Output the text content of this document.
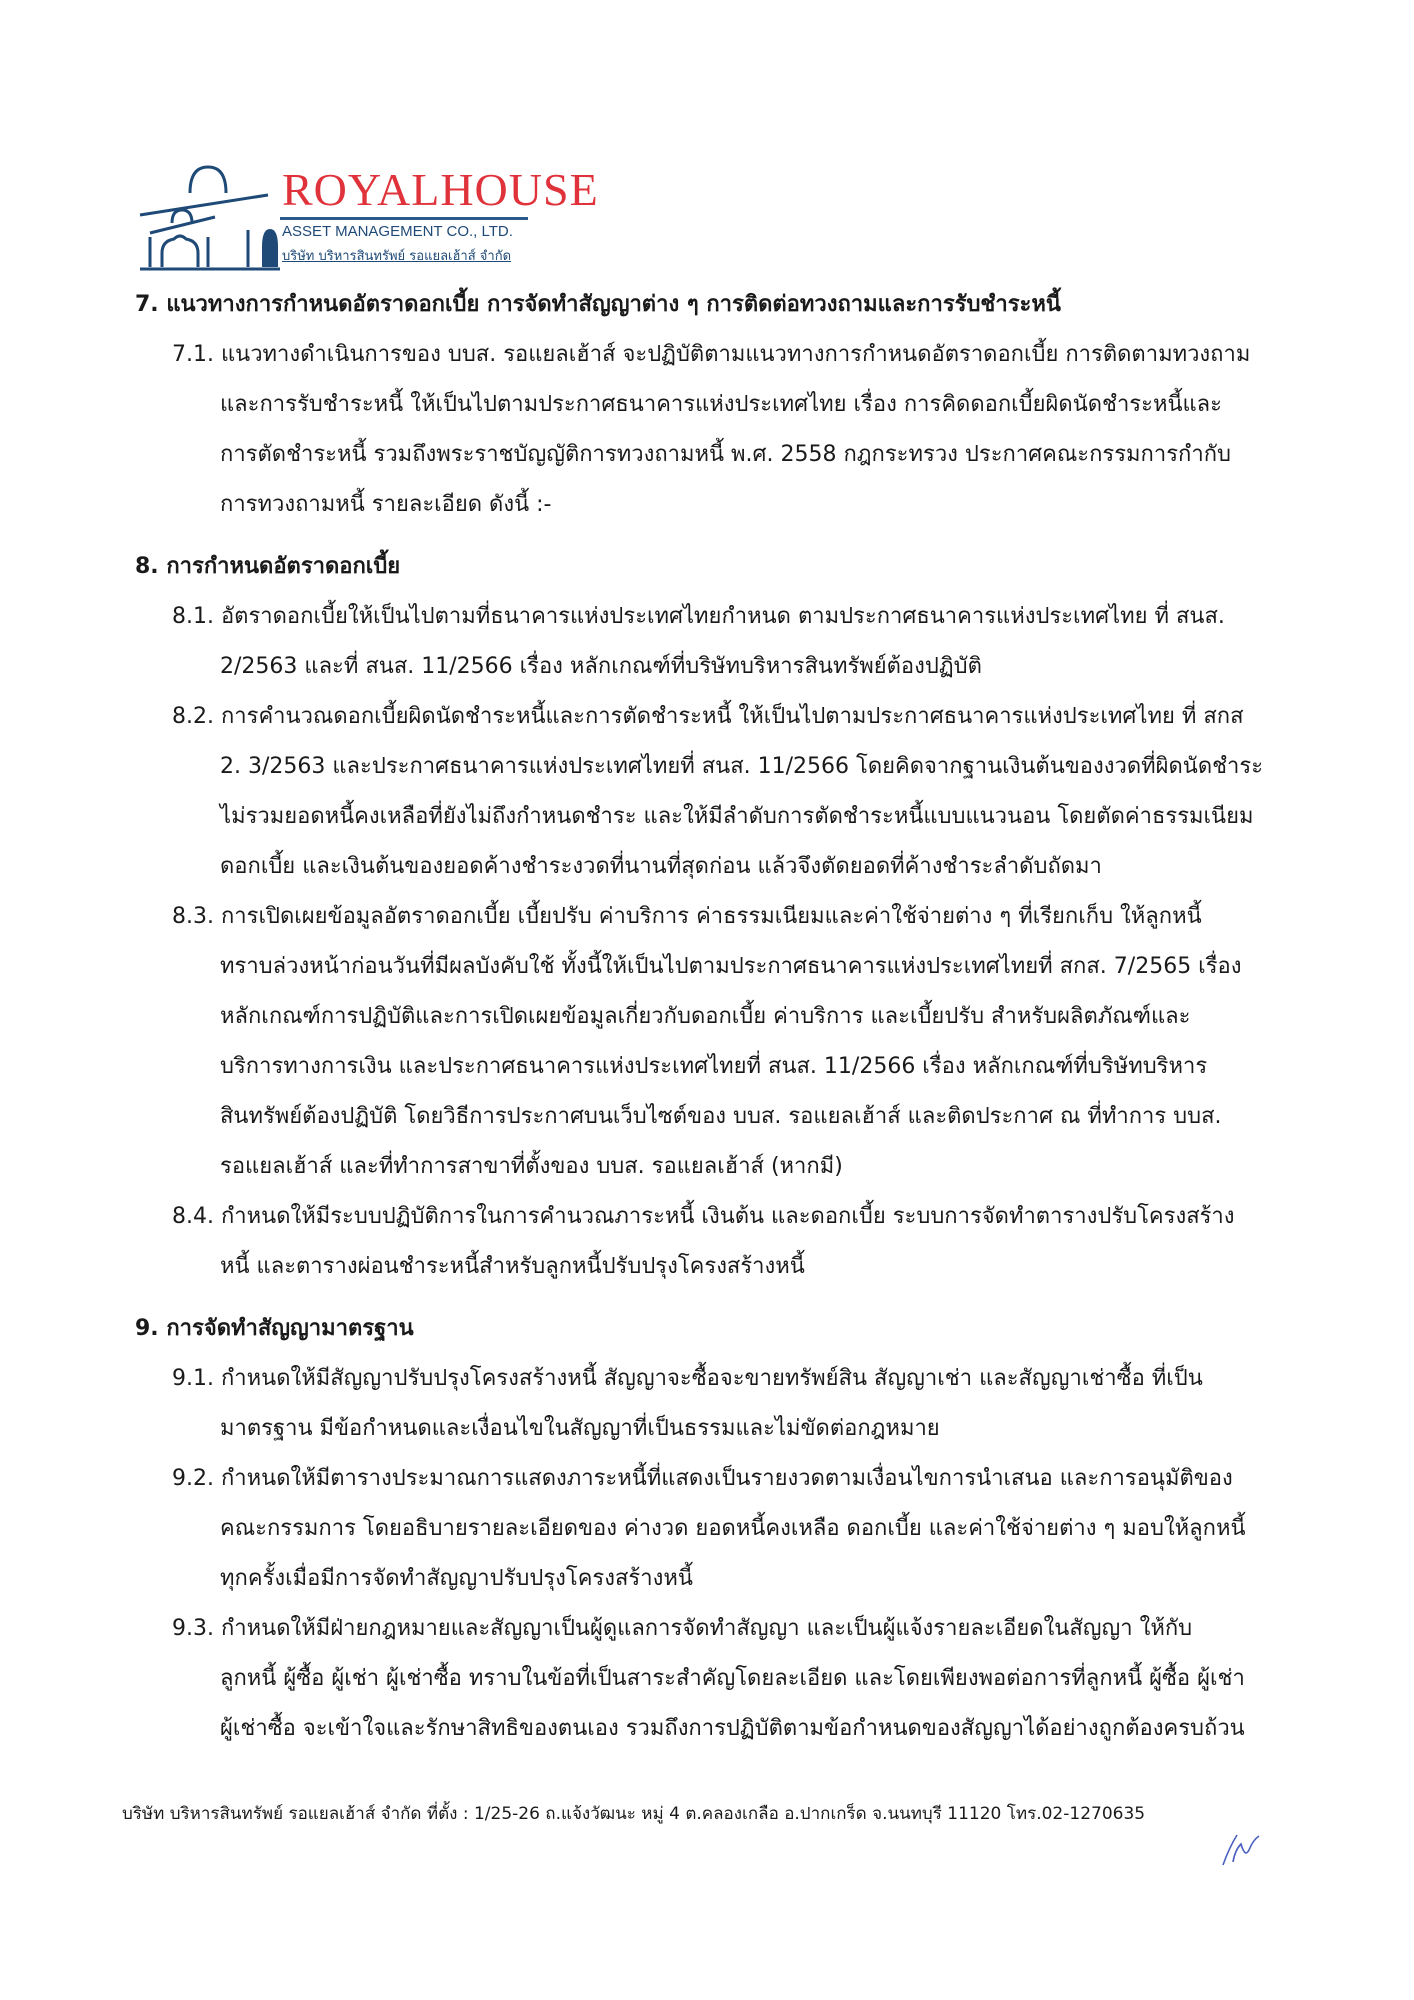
ROYALHOUSE
ASSET MANAGEMENT CO., LTD.
บริษัท บริหารสินทรัพย์ รอแยลเฮ้าส์ จำกัด
7. แนวทางการกำหนดอัตราดอกเบี้ย การจัดทำสัญญาต่าง ๆ การติดต่อทวงถามและการรับชำระหนี้
7.1. แนวทางดำเนินการของ บบส. รอแยลเฮ้าส์ จะปฏิบัติตามแนวทางการกำหนดอัตราดอกเบี้ย การติดตามทวงถาม
และการรับชำระหนี้ ให้เป็นไปตามประกาศธนาคารแห่งประเทศไทย เรื่อง การคิดดอกเบี้ยผิดนัดชำระหนี้และ
การตัดชำระหนี้ รวมถึงพระราชบัญญัติการทวงถามหนี้ พ.ศ. 2558 กฎกระทรวง ประกาศคณะกรรมการกำกับ
การทวงถามหนี้ รายละเอียด ดังนี้ :-
8. การกำหนดอัตราดอกเบี้ย
8.1. อัตราดอกเบี้ยให้เป็นไปตามที่ธนาคารแห่งประเทศไทยกำหนด ตามประกาศธนาคารแห่งประเทศไทย ที่ สนส.
2/2563 และที่ สนส. 11/2566 เรื่อง หลักเกณฑ์ที่บริษัทบริหารสินทรัพย์ต้องปฏิบัติ
8.2. การคำนวณดอกเบี้ยผิดนัดชำระหนี้และการตัดชำระหนี้ ให้เป็นไปตามประกาศธนาคารแห่งประเทศไทย ที่ สกส
2. 3/2563 และประกาศธนาคารแห่งประเทศไทยที่ สนส. 11/2566 โดยคิดจากฐานเงินต้นของงวดที่ผิดนัดชำระ
ไม่รวมยอดหนี้คงเหลือที่ยังไม่ถึงกำหนดชำระ และให้มีลำดับการตัดชำระหนี้แบบแนวนอน โดยตัดค่าธรรมเนียม
ดอกเบี้ย และเงินต้นของยอดค้างชำระงวดที่นานที่สุดก่อน แล้วจึงตัดยอดที่ค้างชำระลำดับถัดมา
8.3. การเปิดเผยข้อมูลอัตราดอกเบี้ย เบี้ยปรับ ค่าบริการ ค่าธรรมเนียมและค่าใช้จ่ายต่าง ๆ ที่เรียกเก็บ ให้ลูกหนี้
ทราบล่วงหน้าก่อนวันที่มีผลบังคับใช้ ทั้งนี้ให้เป็นไปตามประกาศธนาคารแห่งประเทศไทยที่ สกส. 7/2565 เรื่อง
หลักเกณฑ์การปฏิบัติและการเปิดเผยข้อมูลเกี่ยวกับดอกเบี้ย ค่าบริการ และเบี้ยปรับ สำหรับผลิตภัณฑ์และ
บริการทางการเงิน และประกาศธนาคารแห่งประเทศไทยที่ สนส. 11/2566 เรื่อง หลักเกณฑ์ที่บริษัทบริหาร
สินทรัพย์ต้องปฏิบัติ โดยวิธีการประกาศบนเว็บไซต์ของ บบส. รอแยลเฮ้าส์ และติดประกาศ ณ ที่ทำการ บบส.
รอแยลเฮ้าส์ และที่ทำการสาขาที่ตั้งของ บบส. รอแยลเฮ้าส์ (หากมี)
8.4. กำหนดให้มีระบบปฏิบัติการในการคำนวณภาระหนี้ เงินต้น และดอกเบี้ย ระบบการจัดทำตารางปรับโครงสร้าง
หนี้ และตารางผ่อนชำระหนี้สำหรับลูกหนี้ปรับปรุงโครงสร้างหนี้
9. การจัดทำสัญญามาตรฐาน
9.1. กำหนดให้มีสัญญาปรับปรุงโครงสร้างหนี้ สัญญาจะซื้อจะขายทรัพย์สิน สัญญาเช่า และสัญญาเช่าซื้อ ที่เป็น
มาตรฐาน มีข้อกำหนดและเงื่อนไขในสัญญาที่เป็นธรรมและไม่ขัดต่อกฎหมาย
9.2. กำหนดให้มีตารางประมาณการแสดงภาระหนี้ที่แสดงเป็นรายงวดตามเงื่อนไขการนำเสนอ และการอนุมัติของ
คณะกรรมการ โดยอธิบายรายละเอียดของ ค่างวด ยอดหนี้คงเหลือ ดอกเบี้ย และค่าใช้จ่ายต่าง ๆ มอบให้ลูกหนี้
ทุกครั้งเมื่อมีการจัดทำสัญญาปรับปรุงโครงสร้างหนี้
9.3. กำหนดให้มีฝ่ายกฎหมายและสัญญาเป็นผู้ดูแลการจัดทำสัญญา และเป็นผู้แจ้งรายละเอียดในสัญญา ให้กับ
ลูกหนี้ ผู้ซื้อ ผู้เช่า ผู้เช่าซื้อ ทราบในข้อที่เป็นสาระสำคัญโดยละเอียด และโดยเพียงพอต่อการที่ลูกหนี้ ผู้ซื้อ ผู้เช่า
ผู้เช่าซื้อ จะเข้าใจและรักษาสิทธิของตนเอง รวมถึงการปฏิบัติตามข้อกำหนดของสัญญาได้อย่างถูกต้องครบถ้วน
บริษัท บริหารสินทรัพย์ รอแยลเฮ้าส์ จำกัด ที่ตั้ง : 1/25-26 ถ.แจ้งวัฒนะ หมู่ 4 ต.คลองเกลือ อ.ปากเกร็ด จ.นนทบุรี 11120 โทร.02-1270635
